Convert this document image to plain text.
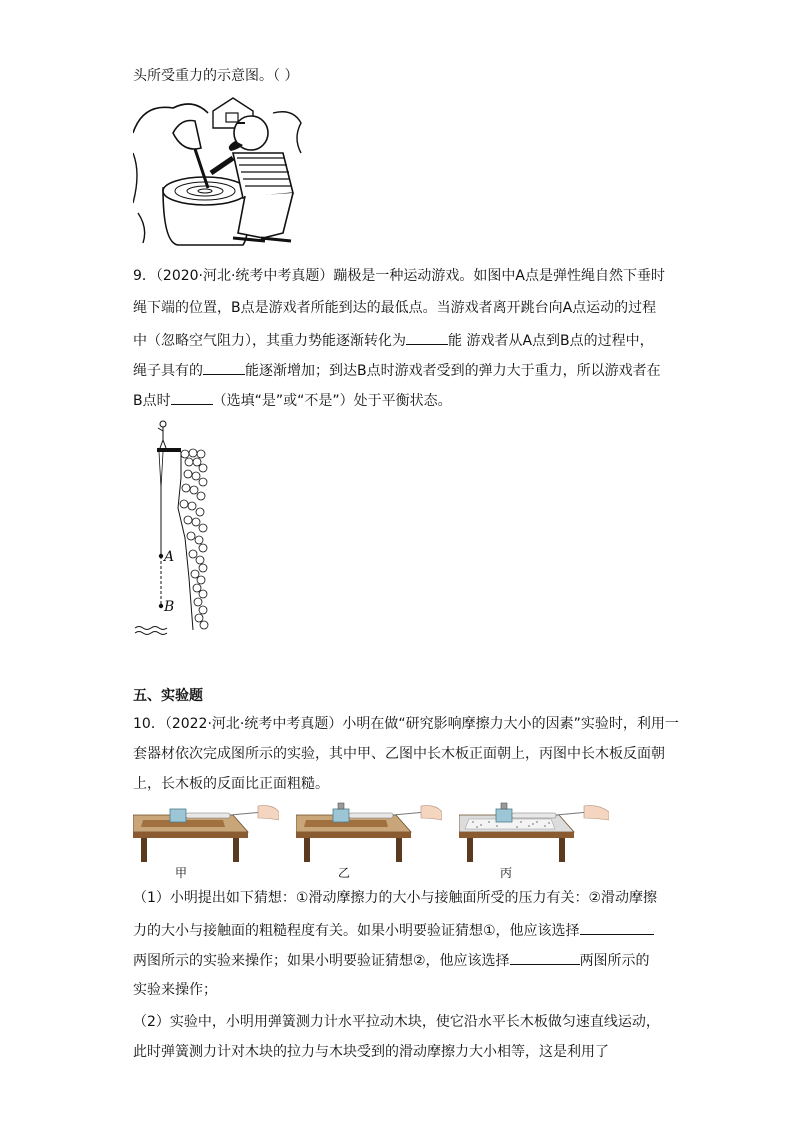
头所受重力的示意图。（ ）
9．（2020·河北·统考中考真题）蹦极是一种运动游戏。如图中A点是弹性绳自然下垂时
绳下端的位置，B点是游戏者所能到达的最低点。当游戏者离开跳台向A点运动的过程
中（忽略空气阻力），其重力势能逐渐转化为	能 游戏者从A点到B点的过程中，
绳子具有的	能逐渐增加；到达B点时游戏者受到的弹力大于重力，所以游戏者在
B点时	（选填“是”或“不是”）处于平衡状态。
A
B
五、实验题
10．（2022·河北·统考中考真题）小明在做“研究影响摩擦力大小的因素”实验时，利用一
套器材依次完成图所示的实验，其中甲、乙图中长木板正面朝上，丙图中长木板反面朝
上，长木板的反面比正面粗糙。
甲	乙	丙
（1）小明提出如下猜想：①滑动摩擦力的大小与接触面所受的压力有关：②滑动摩擦
力的大小与接触面的粗糙程度有关。如果小明要验证猜想①，他应该选择
两图所示的实验来操作；如果小明要验证猜想②，他应该选择	两图所示的
实验来操作；
（2）实验中，小明用弹簧测力计水平拉动木块，使它沿水平长木板做匀速直线运动，
此时弹簧测力计对木块的拉力与木块受到的滑动摩擦力大小相等，这是利用了
